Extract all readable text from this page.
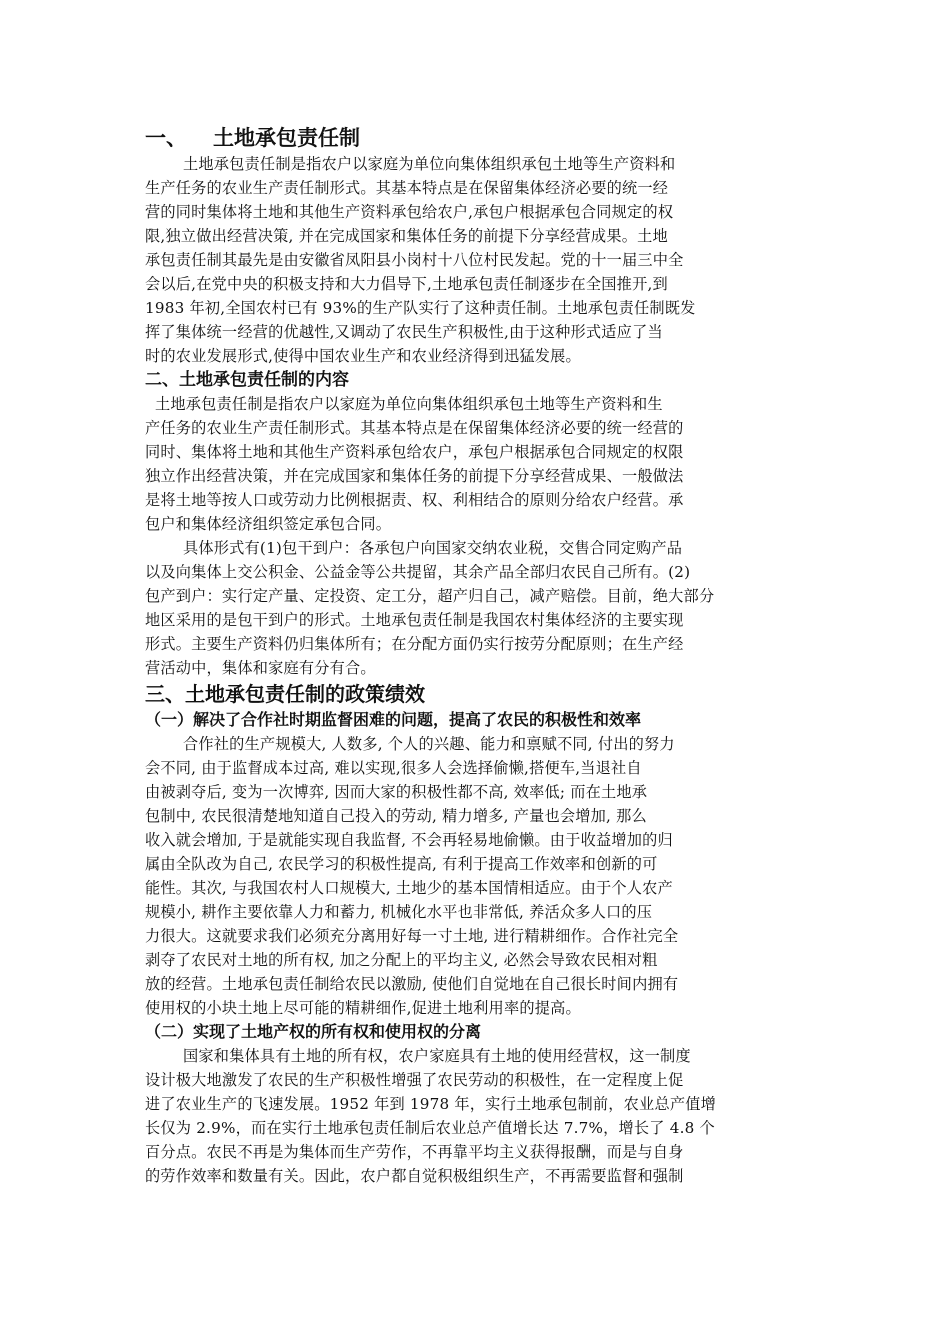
一、 土地承包责任制
土地承包责任制是指农户以家庭为单位向集体组织承包土地等生产资料和
生产任务的农业生产责任制形式。其基本特点是在保留集体经济必要的统一经
营的同时集体将土地和其他生产资料承包给农户,承包户根据承包合同规定的权
限,独立做出经营决策, 并在完成国家和集体任务的前提下分享经营成果。土地
承包责任制其最先是由安徽省凤阳县小岗村十八位村民发起。党的十一届三中全
会以后,在党中央的积极支持和大力倡导下,土地承包责任制逐步在全国推开,到
1983 年初,全国农村已有 93%的生产队实行了这种责任制。土地承包责任制既发
挥了集体统一经营的优越性,又调动了农民生产积极性,由于这种形式适应了当
时的农业发展形式,使得中国农业生产和农业经济得到迅猛发展。
二、土地承包责任制的内容
土地承包责任制是指农户以家庭为单位向集体组织承包土地等生产资料和生
产任务的农业生产责任制形式。其基本特点是在保留集体经济必要的统一经营的
同时、集体将土地和其他生产资料承包给农户，承包户根据承包合同规定的权限
独立作出经营决策，并在完成国家和集体任务的前提下分享经营成果、一般做法
是将土地等按人口或劳动力比例根据责、权、利相结合的原则分给农户经营。承
包户和集体经济组织签定承包合同。
具体形式有(1)包干到户：各承包户向国家交纳农业税，交售合同定购产品
以及向集体上交公积金、公益金等公共提留，其余产品全部归农民自己所有。(2)
包产到户：实行定产量、定投资、定工分，超产归自己，减产赔偿。目前，绝大部分
地区采用的是包干到户的形式。土地承包责任制是我国农村集体经济的主要实现
形式。主要生产资料仍归集体所有；在分配方面仍实行按劳分配原则；在生产经
营活动中，集体和家庭有分有合。
三、土地承包责任制的政策绩效
（一）解决了合作社时期监督困难的问题，提高了农民的积极性和效率
合作社的生产规模大, 人数多, 个人的兴趣、能力和禀赋不同, 付出的努力
会不同, 由于监督成本过高, 难以实现,很多人会选择偷懒,搭便车,当退社自
由被剥夺后, 变为一次博弈, 因而大家的积极性都不高, 效率低; 而在土地承
包制中, 农民很清楚地知道自己投入的劳动, 精力增多, 产量也会增加, 那么
收入就会增加, 于是就能实现自我监督, 不会再轻易地偷懒。由于收益增加的归
属由全队改为自己, 农民学习的积极性提高, 有利于提高工作效率和创新的可
能性。其次, 与我国农村人口规模大, 土地少的基本国情相适应。由于个人农产
规模小, 耕作主要依靠人力和蓄力, 机械化水平也非常低, 养活众多人口的压
力很大。这就要求我们必须充分离用好每一寸土地, 进行精耕细作。合作社完全
剥夺了农民对土地的所有权, 加之分配上的平均主义, 必然会导致农民相对粗
放的经营。土地承包责任制给农民以激励, 使他们自觉地在自己很长时间内拥有
使用权的小块土地上尽可能的精耕细作,促进土地利用率的提高。
（二）实现了土地产权的所有权和使用权的分离
国家和集体具有土地的所有权，农户家庭具有土地的使用经营权，这一制度
设计极大地激发了农民的生产积极性增强了农民劳动的积极性，在一定程度上促
进了农业生产的飞速发展。1952 年到 1978 年，实行土地承包制前，农业总产值增
长仅为 2.9%，而在实行土地承包责任制后农业总产值增长达 7.7%，增长了 4.8 个
百分点。农民不再是为集体而生产劳作，不再靠平均主义获得报酬，而是与自身
的劳作效率和数量有关。因此，农户都自觉积极组织生产，不再需要监督和强制
